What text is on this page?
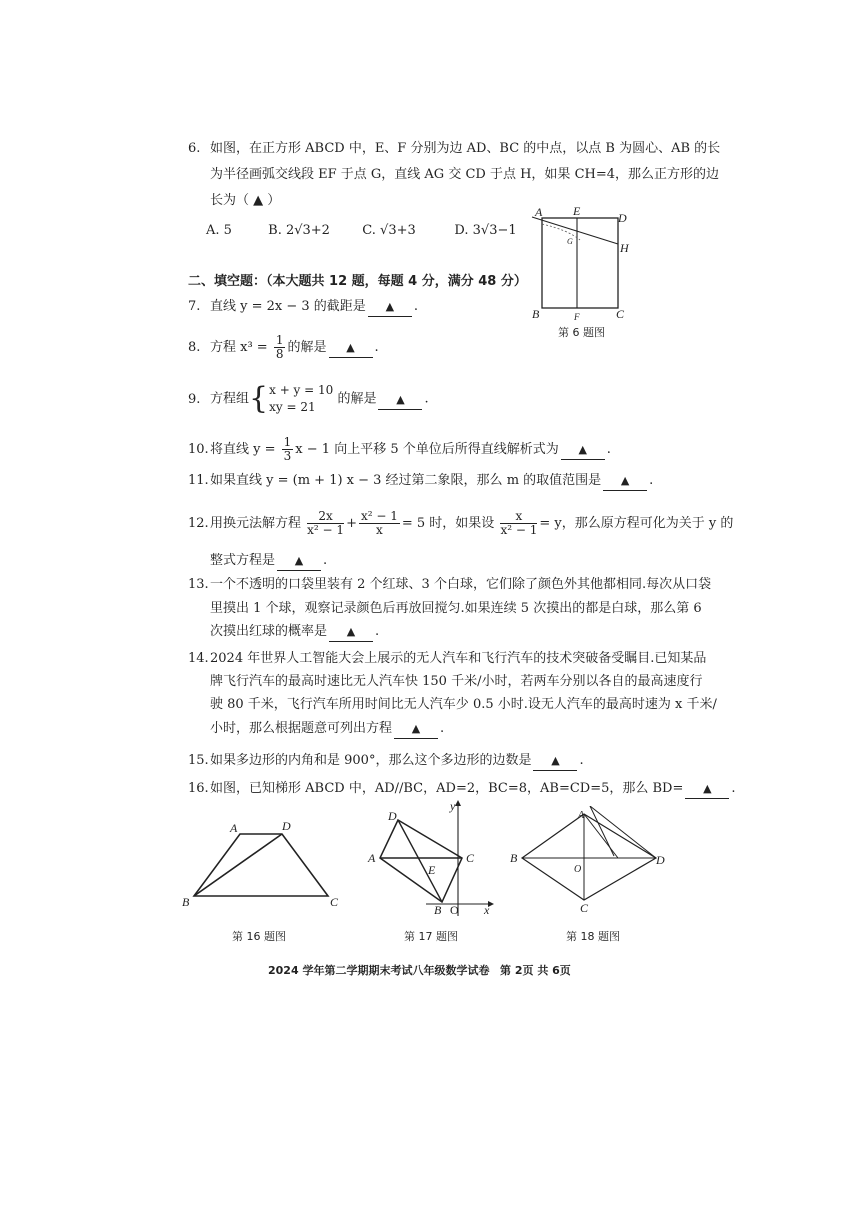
6. 如图，在正方形 ABCD 中，E、F 分别为边 AD、BC 的中点，以点 B 为圆心、AB 的长
为半径画弧交线段 EF 于点 G，直线 AG 交 CD 于点 H，如果 CH=4，那么正方形的边
长为（ ▲ ）
A. 5	B. 2√3+2 C. √3+3	D. 3√3−1
A	E	D
H
G
B	F	C
第 6 题图
二、填空题：（本大题共 12 题，每题 4 分，满分 48 分）
7. 直线 y = 2x − 3 的截距是 ▲ .
8. 方程 $x^3 = \frac{1}{8}$ 的解是 ▲ .
9. 方程组{ x + y = 10
xy = 21
的解是 ▲ .
10.将直线 $y = \frac{1}{3}$ x − 1 向上平移 5 个单位后所得直线解析式为 ▲ .
11.如果直线 y = (m + 1) x − 3 经过第二象限，那么 m 的取值范围是 ▲ .
12.用换元法解方程 $\frac{2x}{\text{x² − 1}} + \frac{\text{x² − 1}}{x} = 5$ 时，如果设 $\frac{x}{\text{x² − 1}} = y$，那么原方程可化为关于 y 的
整式方程是 ▲ .
13.一个不透明的口袋里装有 2 个红球、3 个白球，它们除了颜色外其他都相同.每次从口袋
里摸出 1 个球，观察记录颜色后再放回搅匀.如果连续 5 次摸出的都是白球，那么第 6
次摸出红球的概率是 ▲ .
14.2024 年世界人工智能大会上展示的无人汽车和飞行汽车的技术突破备受瞩目.已知某品
牌飞行汽车的最高时速比无人汽车快 150 千米/小时，若两车分别以各自的最高速度行
驶 80 千米，飞行汽车所用时间比无人汽车少 0.5 小时.设无人汽车的最高时速为 x 千米/
小时，那么根据题意可列出方程 ▲ .
15.如果多边形的内角和是 900°，那么这个多边形的边数是 ▲ .
16.如图，已知梯形 ABCD 中，AD//BC，AD=2，BC=8，AB=CD=5，那么 BD= ▲ .
A	D
B	C
第 16 题图
D
A
E
C
B O x
y
第 17 题图
A
B
O
D
C
第 18 题图
2024 学年第二学期期末考试八年级数学试卷 第 2页 共 6页
